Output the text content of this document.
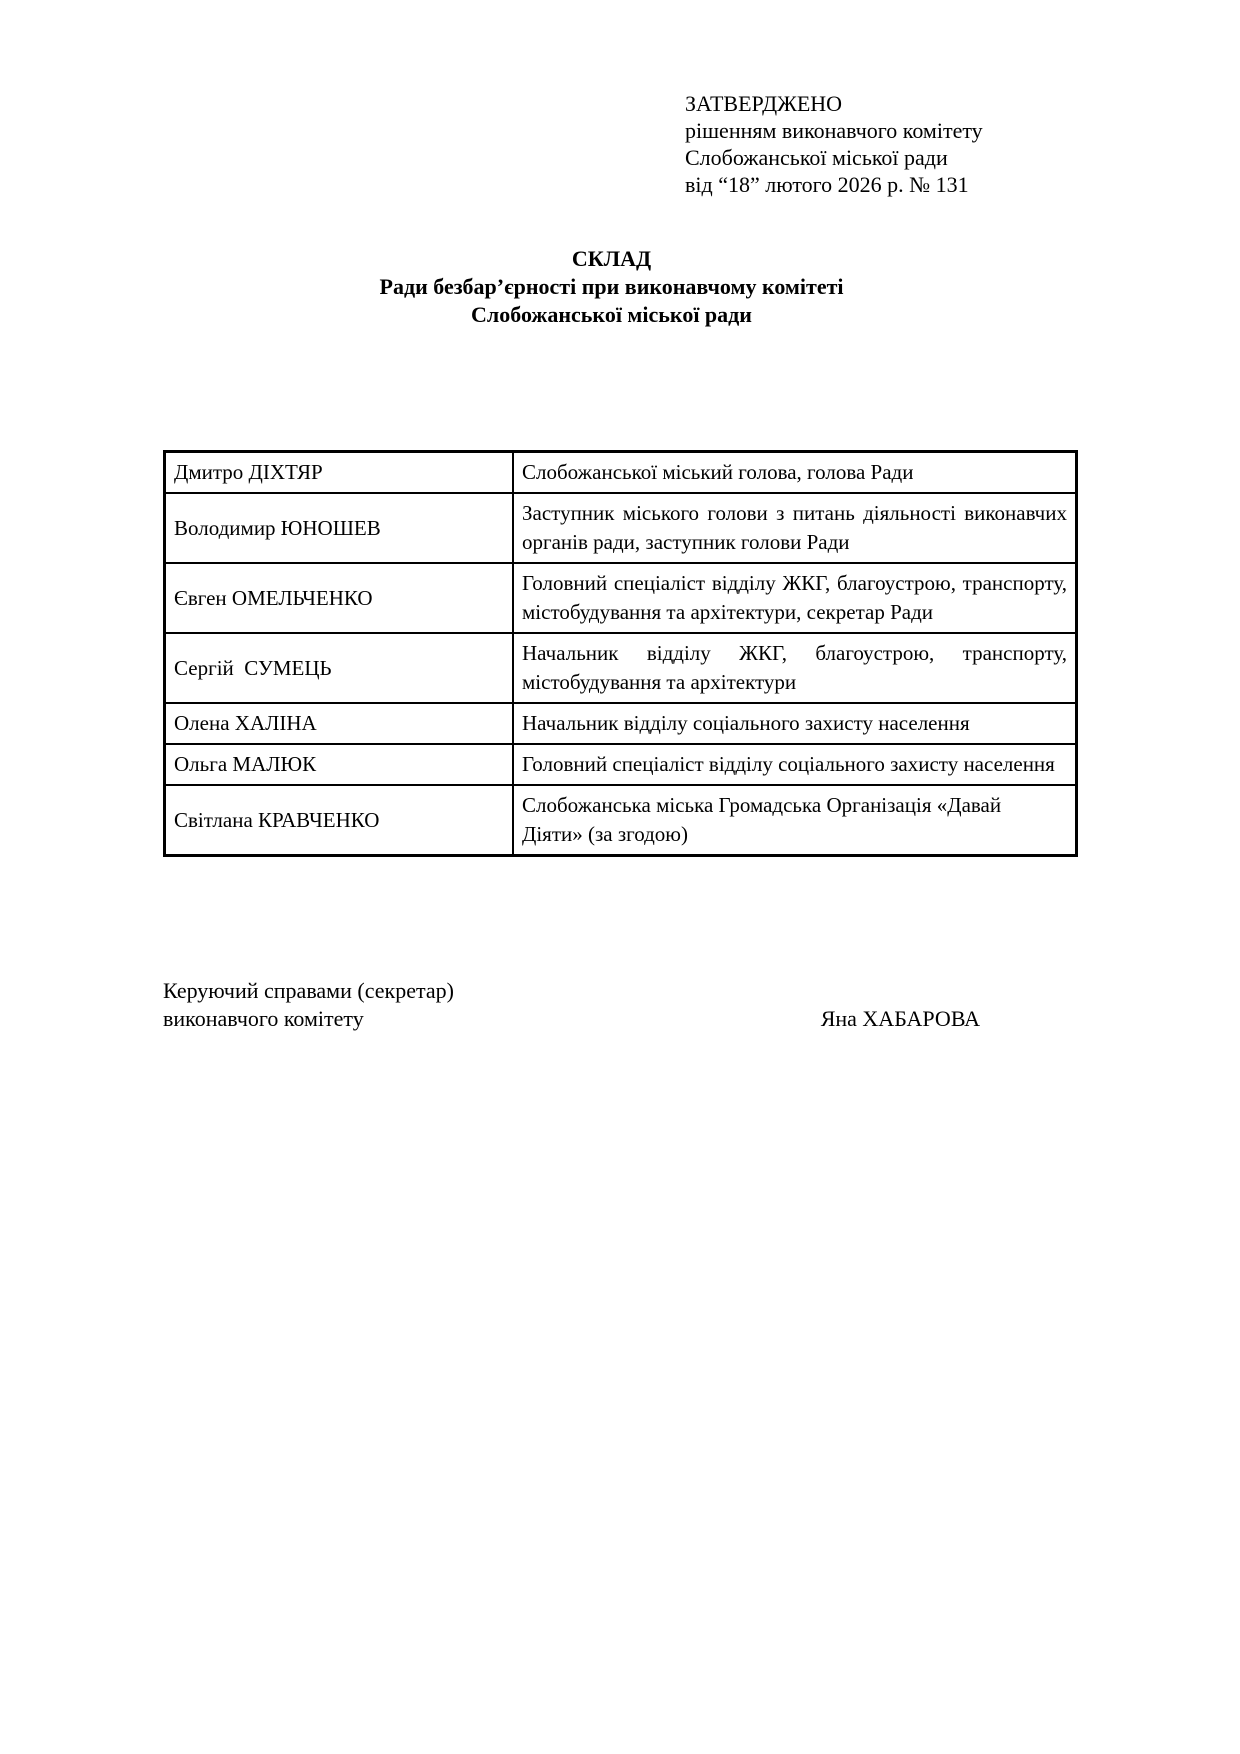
ЗАТВЕРДЖЕНО
рішенням виконавчого комітету
Слобожанської міської ради
від “18” лютого 2026 р. № 131
СКЛАД
Ради безбар’єрності при виконавчому комітеті
Слобожанської міської ради
Дмитро ДІХТЯР	Слобожанської міський голова, голова Ради
Володимир ЮНОШЕВ	Заступник міського голови з питань діяльності виконавчих органів ради, заступник голови Ради
Євген ОМЕЛЬЧЕНКО	Головний спеціаліст відділу ЖКГ, благоустрою, транспорту, містобудування та архітектури, секретар Ради
Сергій  СУМЕЦЬ	Начальник відділу ЖКГ, благоустрою, транспорту, містобудування та архітектури
Олена ХАЛІНА	Начальник відділу соціального захисту населення
Ольга МАЛЮК	Головний спеціаліст відділу соціального захисту населення
Світлана КРАВЧЕНКО	Слобожанська міська Громадська Організація «Давай Діяти» (за згодою)
Керуючий справами (секретар)
виконавчого комітету	Яна ХАБАРОВА
